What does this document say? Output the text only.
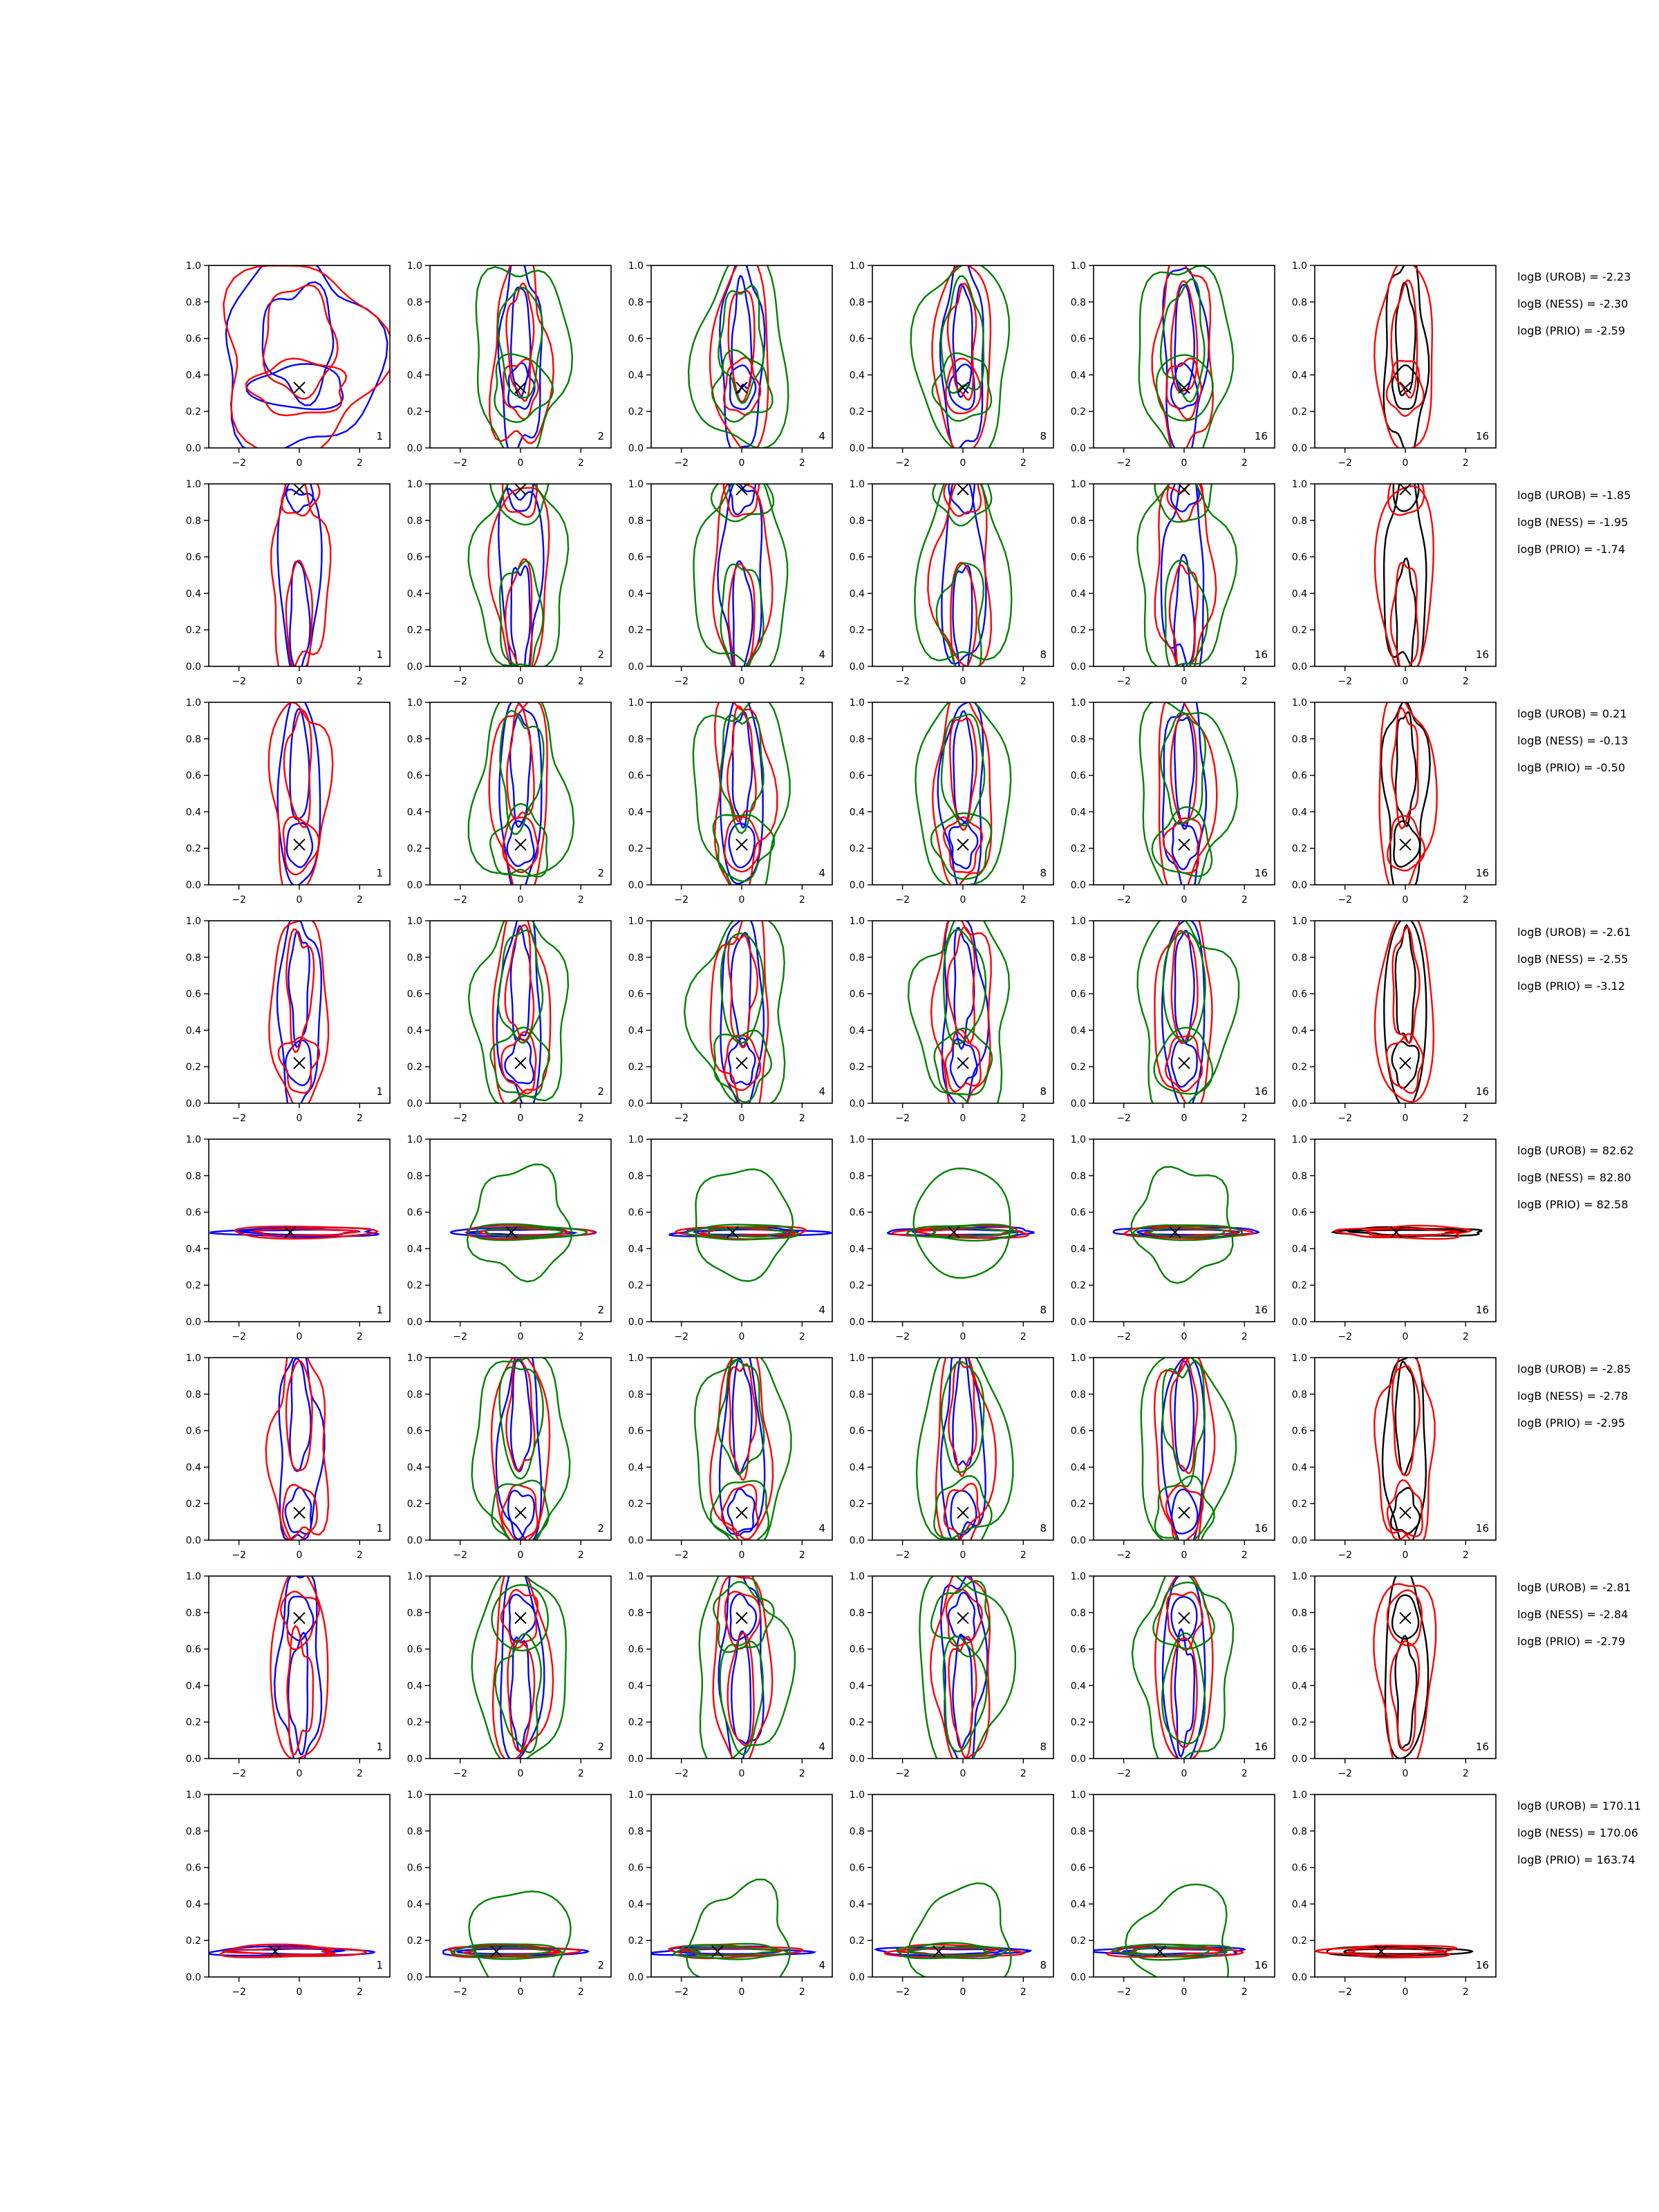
−2	0	2
0.0
0.2
0.4
0.6
0.8
1.0
1
−2	0	2
0.0
0.2
0.4
0.6
0.8
1.0
2
−2	0	2
0.0
0.2
0.4
0.6
0.8
1.0
4
−2	0	2
0.0
0.2
0.4
0.6
0.8
1.0
8
−2	0	2
0.0
0.2
0.4
0.6
0.8
1.0
16
−2	0	2
0.0
0.2
0.4
0.6
0.8
1.0
16
logB (UROB) = -2.23
logB (NESS) = -2.30
logB (PRIO) = -2.59
−2	0	2
0.0
0.2
0.4
0.6
0.8
1.0
1
−2	0	2
0.0
0.2
0.4
0.6
0.8
1.0
2
−2	0	2
0.0
0.2
0.4
0.6
0.8
1.0
4
−2	0	2
0.0
0.2
0.4
0.6
0.8
1.0
8
−2	0	2
0.0
0.2
0.4
0.6
0.8
1.0
16
−2	0	2
0.0
0.2
0.4
0.6
0.8
1.0
16
logB (UROB) = -1.85
logB (NESS) = -1.95
logB (PRIO) = -1.74
−2	0	2
0.0
0.2
0.4
0.6
0.8
1.0
1
−2	0	2
0.0
0.2
0.4
0.6
0.8
1.0
2
−2	0	2
0.0
0.2
0.4
0.6
0.8
1.0
4
−2	0	2
0.0
0.2
0.4
0.6
0.8
1.0
8
−2	0	2
0.0
0.2
0.4
0.6
0.8
1.0
16
−2	0	2
0.0
0.2
0.4
0.6
0.8
1.0
16
logB (UROB) = 0.21
logB (NESS) = -0.13
logB (PRIO) = -0.50
−2	0	2
0.0
0.2
0.4
0.6
0.8
1.0
1
−2	0	2
0.0
0.2
0.4
0.6
0.8
1.0
2
−2	0	2
0.0
0.2
0.4
0.6
0.8
1.0
4
−2	0	2
0.0
0.2
0.4
0.6
0.8
1.0
8
−2	0	2
0.0
0.2
0.4
0.6
0.8
1.0
16
−2	0	2
0.0
0.2
0.4
0.6
0.8
1.0
16
logB (UROB) = -2.61
logB (NESS) = -2.55
logB (PRIO) = -3.12
−2	0	2
0.0
0.2
0.4
0.6
0.8
1.0
1
−2	0	2
0.0
0.2
0.4
0.6
0.8
1.0
2
−2	0	2
0.0
0.2
0.4
0.6
0.8
1.0
4
−2	0	2
0.0
0.2
0.4
0.6
0.8
1.0
8
−2	0	2
0.0
0.2
0.4
0.6
0.8
1.0
16
−2	0	2
0.0
0.2
0.4
0.6
0.8
1.0
16
logB (UROB) = 82.62
logB (NESS) = 82.80
logB (PRIO) = 82.58
−2	0	2
0.0
0.2
0.4
0.6
0.8
1.0
1
−2	0	2
0.0
0.2
0.4
0.6
0.8
1.0
2
−2	0	2
0.0
0.2
0.4
0.6
0.8
1.0
4
−2	0	2
0.0
0.2
0.4
0.6
0.8
1.0
8
−2	0	2
0.0
0.2
0.4
0.6
0.8
1.0
16
−2	0	2
0.0
0.2
0.4
0.6
0.8
1.0
16
logB (UROB) = -2.85
logB (NESS) = -2.78
logB (PRIO) = -2.95
−2	0	2
0.0
0.2
0.4
0.6
0.8
1.0
1
−2	0	2
0.0
0.2
0.4
0.6
0.8
1.0
2
−2	0	2
0.0
0.2
0.4
0.6
0.8
1.0
4
−2	0	2
0.0
0.2
0.4
0.6
0.8
1.0
8
−2	0	2
0.0
0.2
0.4
0.6
0.8
1.0
16
−2	0	2
0.0
0.2
0.4
0.6
0.8
1.0
16
logB (UROB) = -2.81
logB (NESS) = -2.84
logB (PRIO) = -2.79
−2	0	2
0.0
0.2
0.4
0.6
0.8
1.0
1
−2	0	2
0.0
0.2
0.4
0.6
0.8
1.0
2
−2	0	2
0.0
0.2
0.4
0.6
0.8
1.0
4
−2	0	2
0.0
0.2
0.4
0.6
0.8
1.0
8
−2	0	2
0.0
0.2
0.4
0.6
0.8
1.0
16
−2	0	2
0.0
0.2
0.4
0.6
0.8
1.0
16
logB (UROB) = 170.11
logB (NESS) = 170.06
logB (PRIO) = 163.74
